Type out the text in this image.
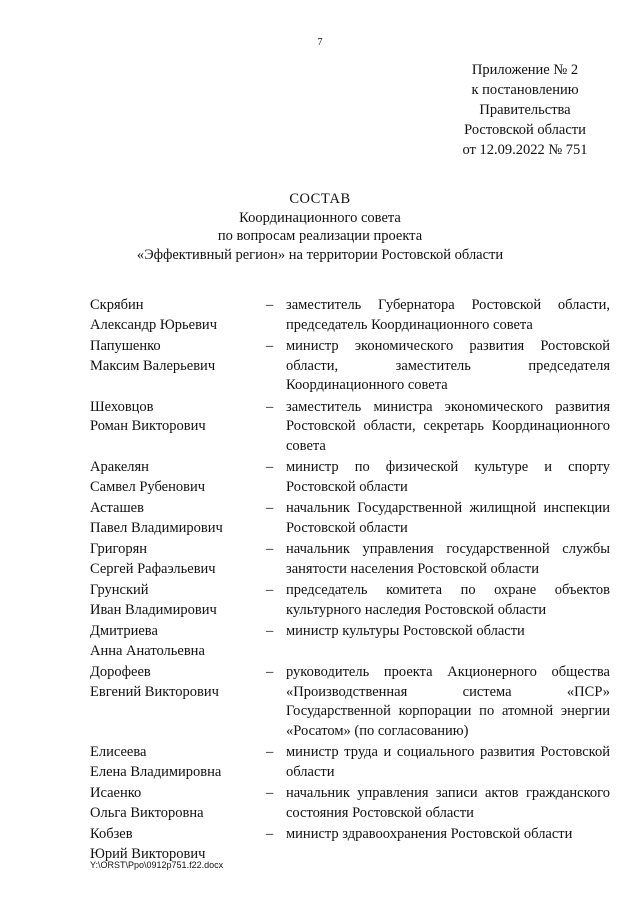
7
Приложение № 2
к постановлению
Правительства
Ростовской области
от 12.09.2022 № 751
СОСТАВ
Координационного совета
по вопросам реализации проекта
«Эффективный регион» на территории Ростовской области
Скрябин
Александр Юрьевич
– заместитель Губернатора Ростовской области, председатель Координационного совета
Папушенко
Максим Валерьевич
– министр экономического развития Ростовской области, заместитель председателя Координационного совета
Шеховцов
Роман Викторович
– заместитель министра экономического развития Ростовской области, секретарь Координационного совета
Аракелян
Самвел Рубенович
– министр по физической культуре и спорту Ростовской области
Асташев
Павел Владимирович
– начальник Государственной жилищной инспекции Ростовской области
Григорян
Сергей Рафаэльевич
– начальник управления государственной службы занятости населения Ростовской области
Грунский
Иван Владимирович
– председатель комитета по охране объектов культурного наследия Ростовской области
Дмитриева
Анна Анатольевна
– министр культуры Ростовской области
Дорофеев
Евгений Викторович
– руководитель проекта Акционерного общества «Производственная система «ПСР» Государственной корпорации по атомной энергии «Росатом» (по согласованию)
Елисеева
Елена Владимировна
– министр труда и социального развития Ростовской области
Исаенко
Ольга Викторовна
– начальник управления записи актов гражданского состояния Ростовской области
Кобзев
Юрий Викторович
– министр здравоохранения Ростовской области
Y:\ORST\Ppo\0912p751.f22.docx
